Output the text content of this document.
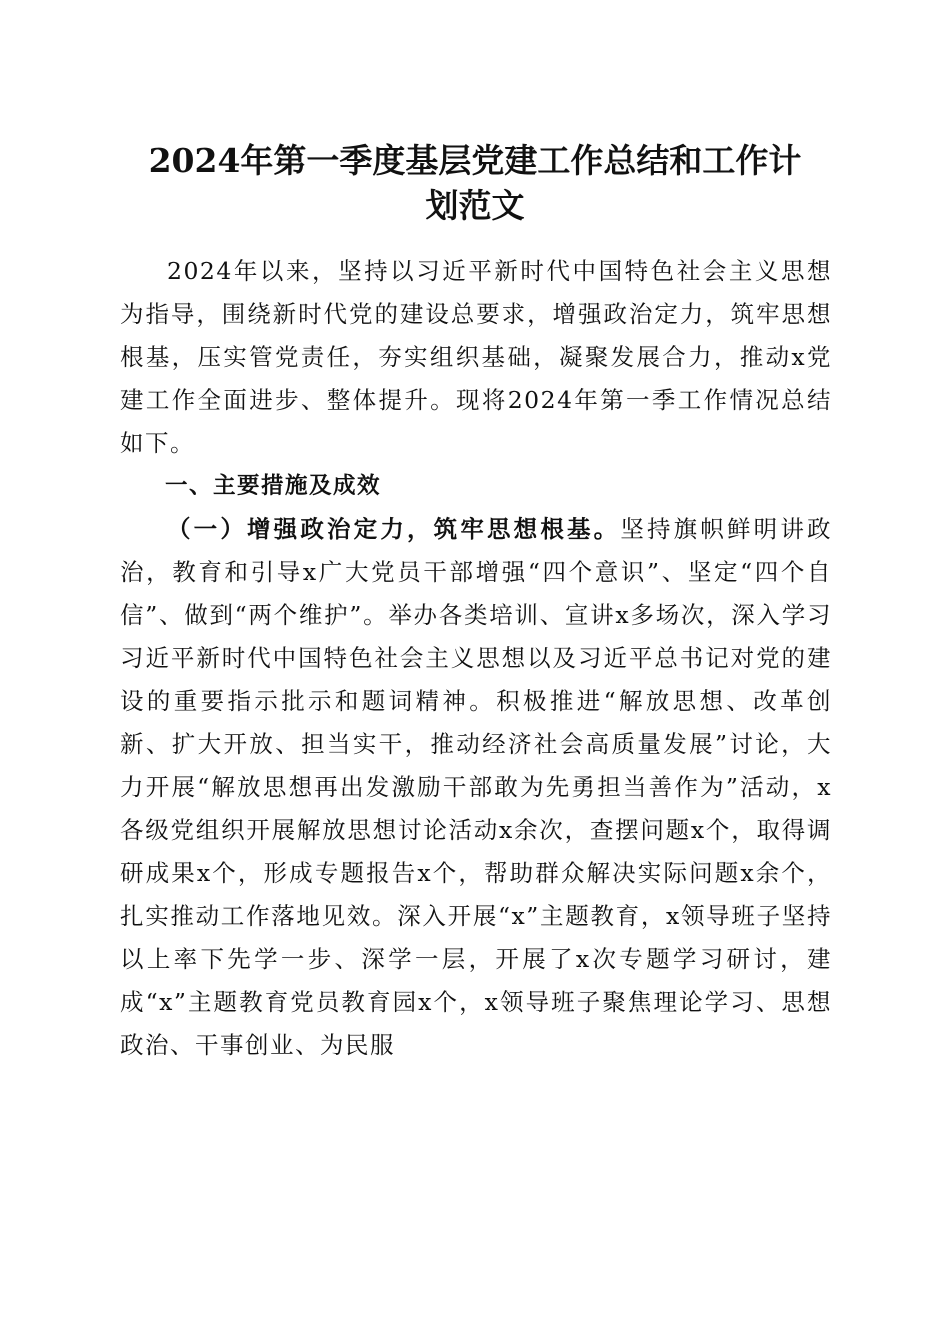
2024年第一季度基层党建工作总结和工作计
划范文

2024年以来，坚持以习近平新时代中国特色社会主义思想为指导，围绕新时代党的建设总要求，增强政治定力，筑牢思想根基，压实管党责任，夯实组织基础，凝聚发展合力，推动x党建工作全面进步、整体提升。现将2024年第一季工作情况总结如下。

一、主要措施及成效

（一）增强政治定力，筑牢思想根基。坚持旗帜鲜明讲政治，教育和引导x广大党员干部增强“四个意识”、坚定“四个自信”、做到“两个维护”。举办各类培训、宣讲x多场次，深入学习习近平新时代中国特色社会主义思想以及习近平总书记对党的建设的重要指示批示和题词精神。积极推进“解放思想、改革创新、扩大开放、担当实干，推动经济社会高质量发展”讨论，大力开展“解放思想再出发激励干部敢为先勇担当善作为”活动，x各级党组织开展解放思想讨论活动x余次，查摆问题x个，取得调研成果x个，形成专题报告x个，帮助群众解决实际问题x余个，扎实推动工作落地见效。深入开展“x”主题教育，x领导班子坚持以上率下先学一步、深学一层，开展了x次专题学习研讨，建成“x”主题教育党员教育园x个，x领导班子聚焦理论学习、思想政治、干事创业、为民服
